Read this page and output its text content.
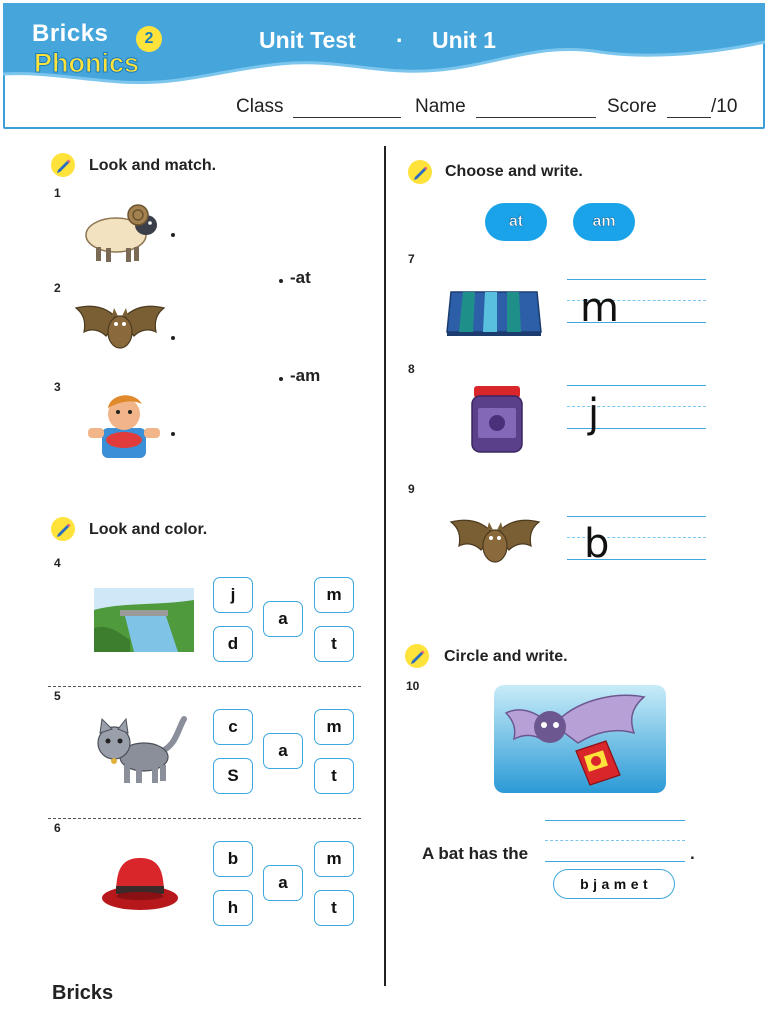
Bricks
Phonics
2	Unit Test · Unit 1
Class	Name	Score	/10
Look and match.
1
2
-at
-am
3
Look and color.
4
j
d
a
m
t
5
c
S
a
m
t
6
b
h
a
m
t
Choose and write.
at	am
7
m
8
j
9
b
Circle and write.
10
A bat has the	.
b j a m e t
Bricks
